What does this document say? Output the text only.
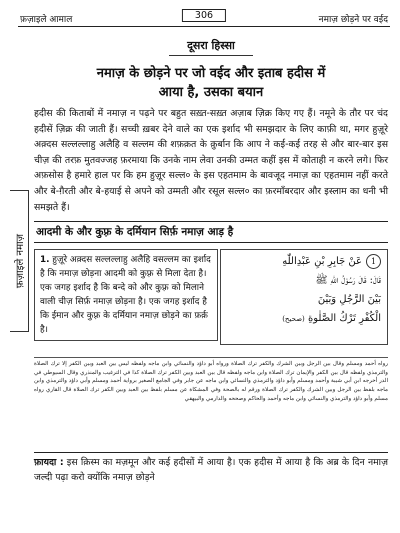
फ़ज़ाइले आमाल	306	नमाज़ छोड़ने पर वईद
फ़ज़ाइले नमाज़
दूसरा हिस्सा
नमाज़ के छोड़ने पर जो वईद और इताब हदीस में
आया है, उसका बयान
हदीस की किताबों में नमाज़ न पढ़ने पर बहुत सख़्त-सख़्त अज़ाब ज़िक्र किए गए हैं। नमूने के तौर पर चंद हदीसें ज़िक्र की जाती हैं। सच्ची ख़बर देने वाले का एक इर्शाद भी समझदार के लिए काफ़ी था, मगर हुज़ूरे अक़्दस सल्लल्लाहु अलैहि व सल्लम की शफ़क़त के क़ुर्बान कि आप ने कई-कई तरह से और बार-बार इस चीज़ की तरफ़ मुतवज्जह फ़रमाया कि उनके नाम लेवा उनकी उम्मत कहीं इस में कोताही न करने लगे। फिर अफ़सोस है हमारे हाल पर कि हम हुज़ूर सल्ल० के इस एहतमाम के बावजूद नमाज़ का एहतमाम नहीं करते और बे-ग़ैरती और बे-हयाई से अपने को उम्मती और रसूल सल्ल० का फ़रमाँबरदार और इस्लाम का धनी भी समझते हैं।
आदमी के और कुफ़्र के दर्मियान सिर्फ़ नमाज़ आड़ है
1. हुज़ूरे अक़्दस सल्लल्लाहु अलैहि वसल्लम का इर्शाद है कि नमाज़ छोड़ना आदमी को कुफ़्र से मिला देता है। एक जगह इर्शाद है कि बन्दे को और कुफ़्र को मिलाने वाली चीज़ सिर्फ़ नमाज़ छोड़ना है। एक जगह इर्शाद है कि ईमान और कुफ़्र के दर्मियान नमाज़ छोड़ने का फ़र्क़ है।
1عَنْ جَابِرِ بْنِ عَبْدِاللّٰهِ
قَالَ: قَالَ رَسُوْلُ اللّٰهِ ﷺ
بَيْنَ الرَّجُلِ وَبَيْنَ
الْكُفْرِ تَرْكُ الصَّلٰوةِ (صحيح)
رواه أحمد ومسلم وقال بين الرجل وبين الشرك والكفر ترك الصلاة ورواه أبو داؤد والنسائي وابن ماجه ولفظه ليس بين العبد وبين الكفر إلا ترك الصلاة والترمذي ولفظه قال بين الكفر والإيمان ترك الصلاة وابن ماجه ولفظه قال بين العبد وبين الكفر ترك الصلاة كذا في الترغيب والمنذري وقال السيوطي في الدر أخرجه ابن أبي شيبة وأحمد ومسلم وأبو داؤد والترمذي والنسائي وابن ماجه عن جابر وفي الجامع الصغير برواية أحمد ومسلم وأبي داؤد والترمذي وابن ماجه بلفظ بين الرجل وبين الشرك والكفر ترك الصلاة ورقم له بالصحة وفي المشكاة عن مسلم بلفظ بين العبد وبين الكفر ترك الصلاة قال القاري رواه مسلم وأبو داؤد والترمذي والنسائي وابن ماجه وأحمد والحاكم وصححه والدارمي والبيهقي
फ़ायदा : इस क़िस्म का मज़मून और कई हदीसों में आया है। एक हदीस में आया है कि अब्र के दिन नमाज़ जल्दी पढ़ा करो क्योंकि नमाज़ छोड़ने
